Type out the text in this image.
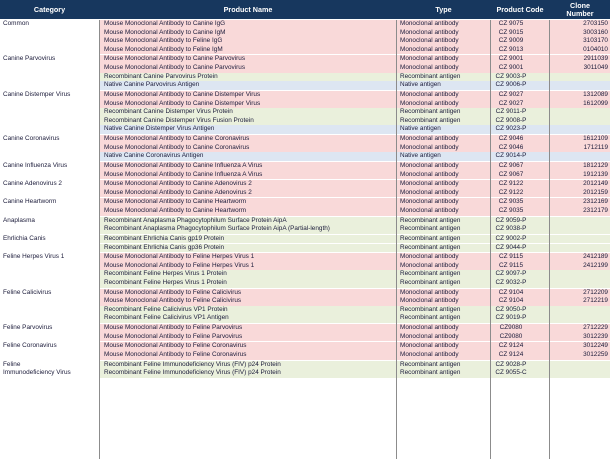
Category	Product Name	Type	Product Code	Clone
Number
Common	Mouse Monoclonal Antibody to Canine IgG	Monoclonal antibody	CZ 9075	2703150
Mouse Monoclonal Antibody to Canine IgM	Monoclonal antibody	CZ 9015	3003160
Mouse Monoclonal Antibody to Feline IgG	Monoclonal antibody	CZ 9009	3103170
Mouse Monoclonal Antibody to Feline IgM	Monoclonal antibody	CZ 9013	0104010
Canine Parvovirus	Mouse Monoclonal Antibody to Canine Parvovirus	Monoclonal antibody	CZ 9001	2911039
Mouse Monoclonal Antibody to Canine Parvovirus	Monoclonal antibody	CZ 9001	3011049
Recombinant Canine Parvovirus Protein	Recombinant antigen	CZ 9003-P
Native Canine Parvovirus Antigen	Native antigen	CZ 9006-P
Canine Distemper Virus	Mouse Monoclonal Antibody to Canine Distemper Virus	Monoclonal antibody	CZ 9027	1312089
Mouse Monoclonal Antibody to Canine Distemper Virus	Monoclonal antibody	CZ 9027	1612099
Recombinant Canine Distemper Virus Protein	Recombinant antigen	CZ 9011-P
Recombinant Canine Distemper Virus Fusion Protein	Recombinant antigen	CZ 9008-P
Native Canine Distemper Virus Antigen	Native antigen	CZ 9023-P
Canine Coronavirus	Mouse Monoclonal Antibody to Canine Coronavirus	Monoclonal antibody	CZ 9046	1612109
Mouse Monoclonal Antibody to Canine Coronavirus	Monoclonal antibody	CZ 9046	1712119
Native Canine Coronavirus Antigen	Native antigen	CZ 9014-P
Canine Influenza Virus	Mouse Monoclonal Antibody to Canine Influenza A Virus	Monoclonal antibody	CZ 9067	1812129
Mouse Monoclonal Antibody to Canine Influenza A Virus	Monoclonal antibody	CZ 9067	1912139
Canine Adenovirus 2	Mouse Monoclonal Antibody to Canine Adenovirus 2	Monoclonal antibody	CZ 9122	2012149
Mouse Monoclonal Antibody to Canine Adenovirus 2	Monoclonal antibody	CZ 9122	2012159
Canine Heartworm	Mouse Monoclonal Antibody to Canine Heartworm	Monoclonal antibody	CZ 9035	2312169
Mouse Monoclonal Antibody to Canine Heartworm	Monoclonal antibody	CZ 9035	2312179
Anaplasma	Recombinant Anaplasma Phagocytophilum Surface Protein AipA	Recombinant antigen	CZ 9059-P
Recombinant Anaplasma Phagocytophilum Surface Protein AipA (Partial-length)	Recombinant antigen	CZ 9038-P
Ehrlichia Canis	Recombinant Ehrlichia Canis gp19 Protein	Recombinant antigen	CZ 9002-P
Recombinant Ehrlichia Canis gp36 Protein	Recombinant antigen	CZ 9044-P
Feline Herpes Virus 1	Mouse Monoclonal Antibody to Feline Herpes Virus 1	Monoclonal antibody	CZ 9115	2412189
Mouse Monoclonal Antibody to Feline Herpes Virus 1	Monoclonal antibody	CZ 9115	2412199
Recombinant Feline Herpes Virus 1 Protein	Recombinant antigen	CZ 9097-P
Recombinant Feline Herpes Virus 1 Protein	Recombinant antigen	CZ 9032-P
Feline Calicivirus	Mouse Monoclonal Antibody to Feline Calicivirus	Monoclonal antibody	CZ 9104	2712209
Mouse Monoclonal Antibody to Feline Calicivirus	Monoclonal antibody	CZ 9104	2712219
Recombinant Feline Calicivirus VP1 Protein	Recombinant antigen	CZ 9050-P
Recombinant Feline Calicivirus VP1 Antigen	Recombinant antigen	CZ 9019-P
Feline Parvovirus	Mouse Monoclonal Antibody to Feline Parvovirus	Monoclonal antibody	CZ9080	2712229
Mouse Monoclonal Antibody to Feline Parvovirus	Monoclonal antibody	CZ9080	3012239
Feline Coronavirus	Mouse Monoclonal Antibody to Feline Coronavirus	Monoclonal antibody	CZ 9124	3012249
Mouse Monoclonal Antibody to Feline Coronavirus	Monoclonal antibody	CZ 9124	3012259
Feline	Recombinant Feline Immunodeficiency Virus (FIV) p24 Protein	Recombinant antigen	CZ 9028-P
Immunodeficiency Virus	Recombinant Feline Immunodeficiency Virus (FIV) p24 Protein	Recombinant antigen	CZ 9055-C
